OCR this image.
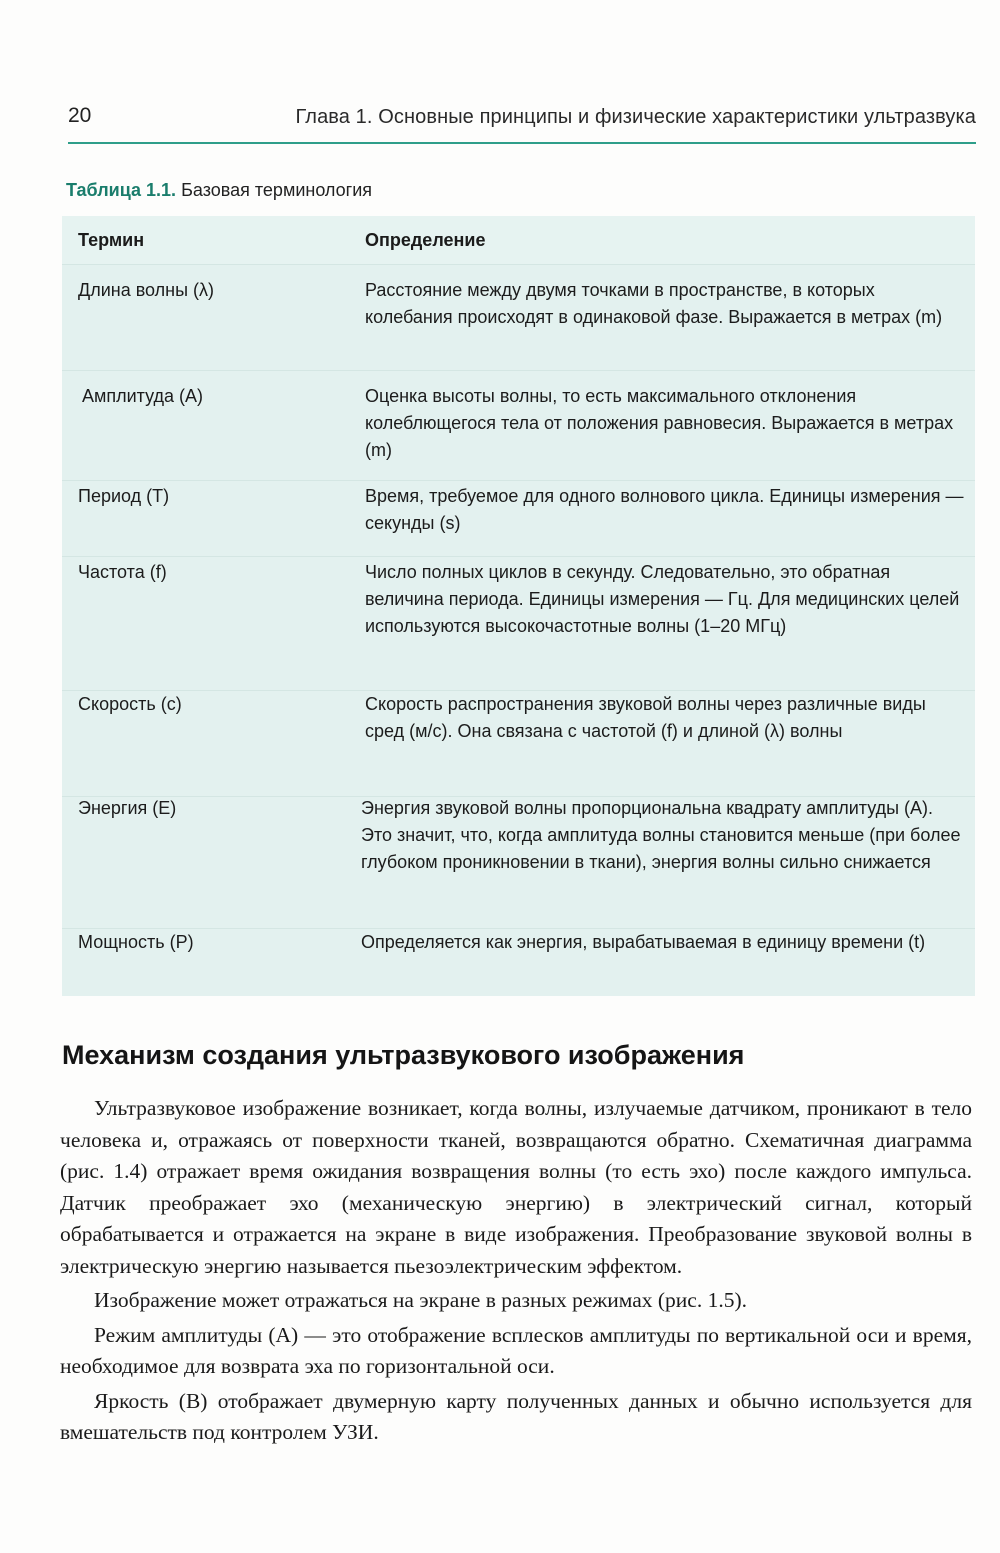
20	Глава 1. Основные принципы и физические характеристики ультразвука
Таблица 1.1. Базовая терминология
Термин	Определение
Длина волны (λ)	Расстояние между двумя точками в пространстве, в которых колебания происходят в одинаковой фазе. Выражается в метрах (m)
Амплитуда (A)	Оценка высоты волны, то есть максимального отклонения колеблющегося тела от положения равновесия. Выражается в метрах (m)
Период (T)	Время, требуемое для одного волнового цикла. Единицы измерения — секунды (s)
Частота (f)	Число полных циклов в секунду. Следовательно, это обратная величина периода. Единицы измерения — Гц. Для медицинских целей используются высокочастотные волны (1–20 МГц)
Скорость (c)	Скорость распространения звуковой волны через различные виды сред (м/с). Она связана с частотой (f) и длиной (λ) волны
Энергия (E)	Энергия звуковой волны пропорциональна квадрату амплитуды (A). Это значит, что, когда амплитуда волны становится меньше (при более глубоком проникновении в ткани), энергия волны сильно снижается
Мощность (P)	Определяется как энергия, вырабатываемая в единицу времени (t)
Механизм создания ультразвукового изображения

Ультразвуковое изображение возникает, когда волны, излучаемые датчиком, проникают в тело человека и, отражаясь от поверхности тканей, возвращаются обратно. Схематичная диаграмма (рис. 1.4) отражает время ожидания возвращения волны (то есть эхо) после каждого импульса. Датчик преображает эхо (механическую энергию) в электрический сигнал, который обрабатывается и отражается на экране в виде изображения. Преобразование звуковой волны в электрическую энергию называется пьезоэлектрическим эффектом.

Изображение может отражаться на экране в разных режимах (рис. 1.5).

Режим амплитуды (А) — это отображение всплесков амплитуды по вертикальной оси и время, необходимое для возврата эха по горизонтальной оси.

Яркость (В) отображает двумерную карту полученных данных и обычно используется для вмешательств под контролем УЗИ.
